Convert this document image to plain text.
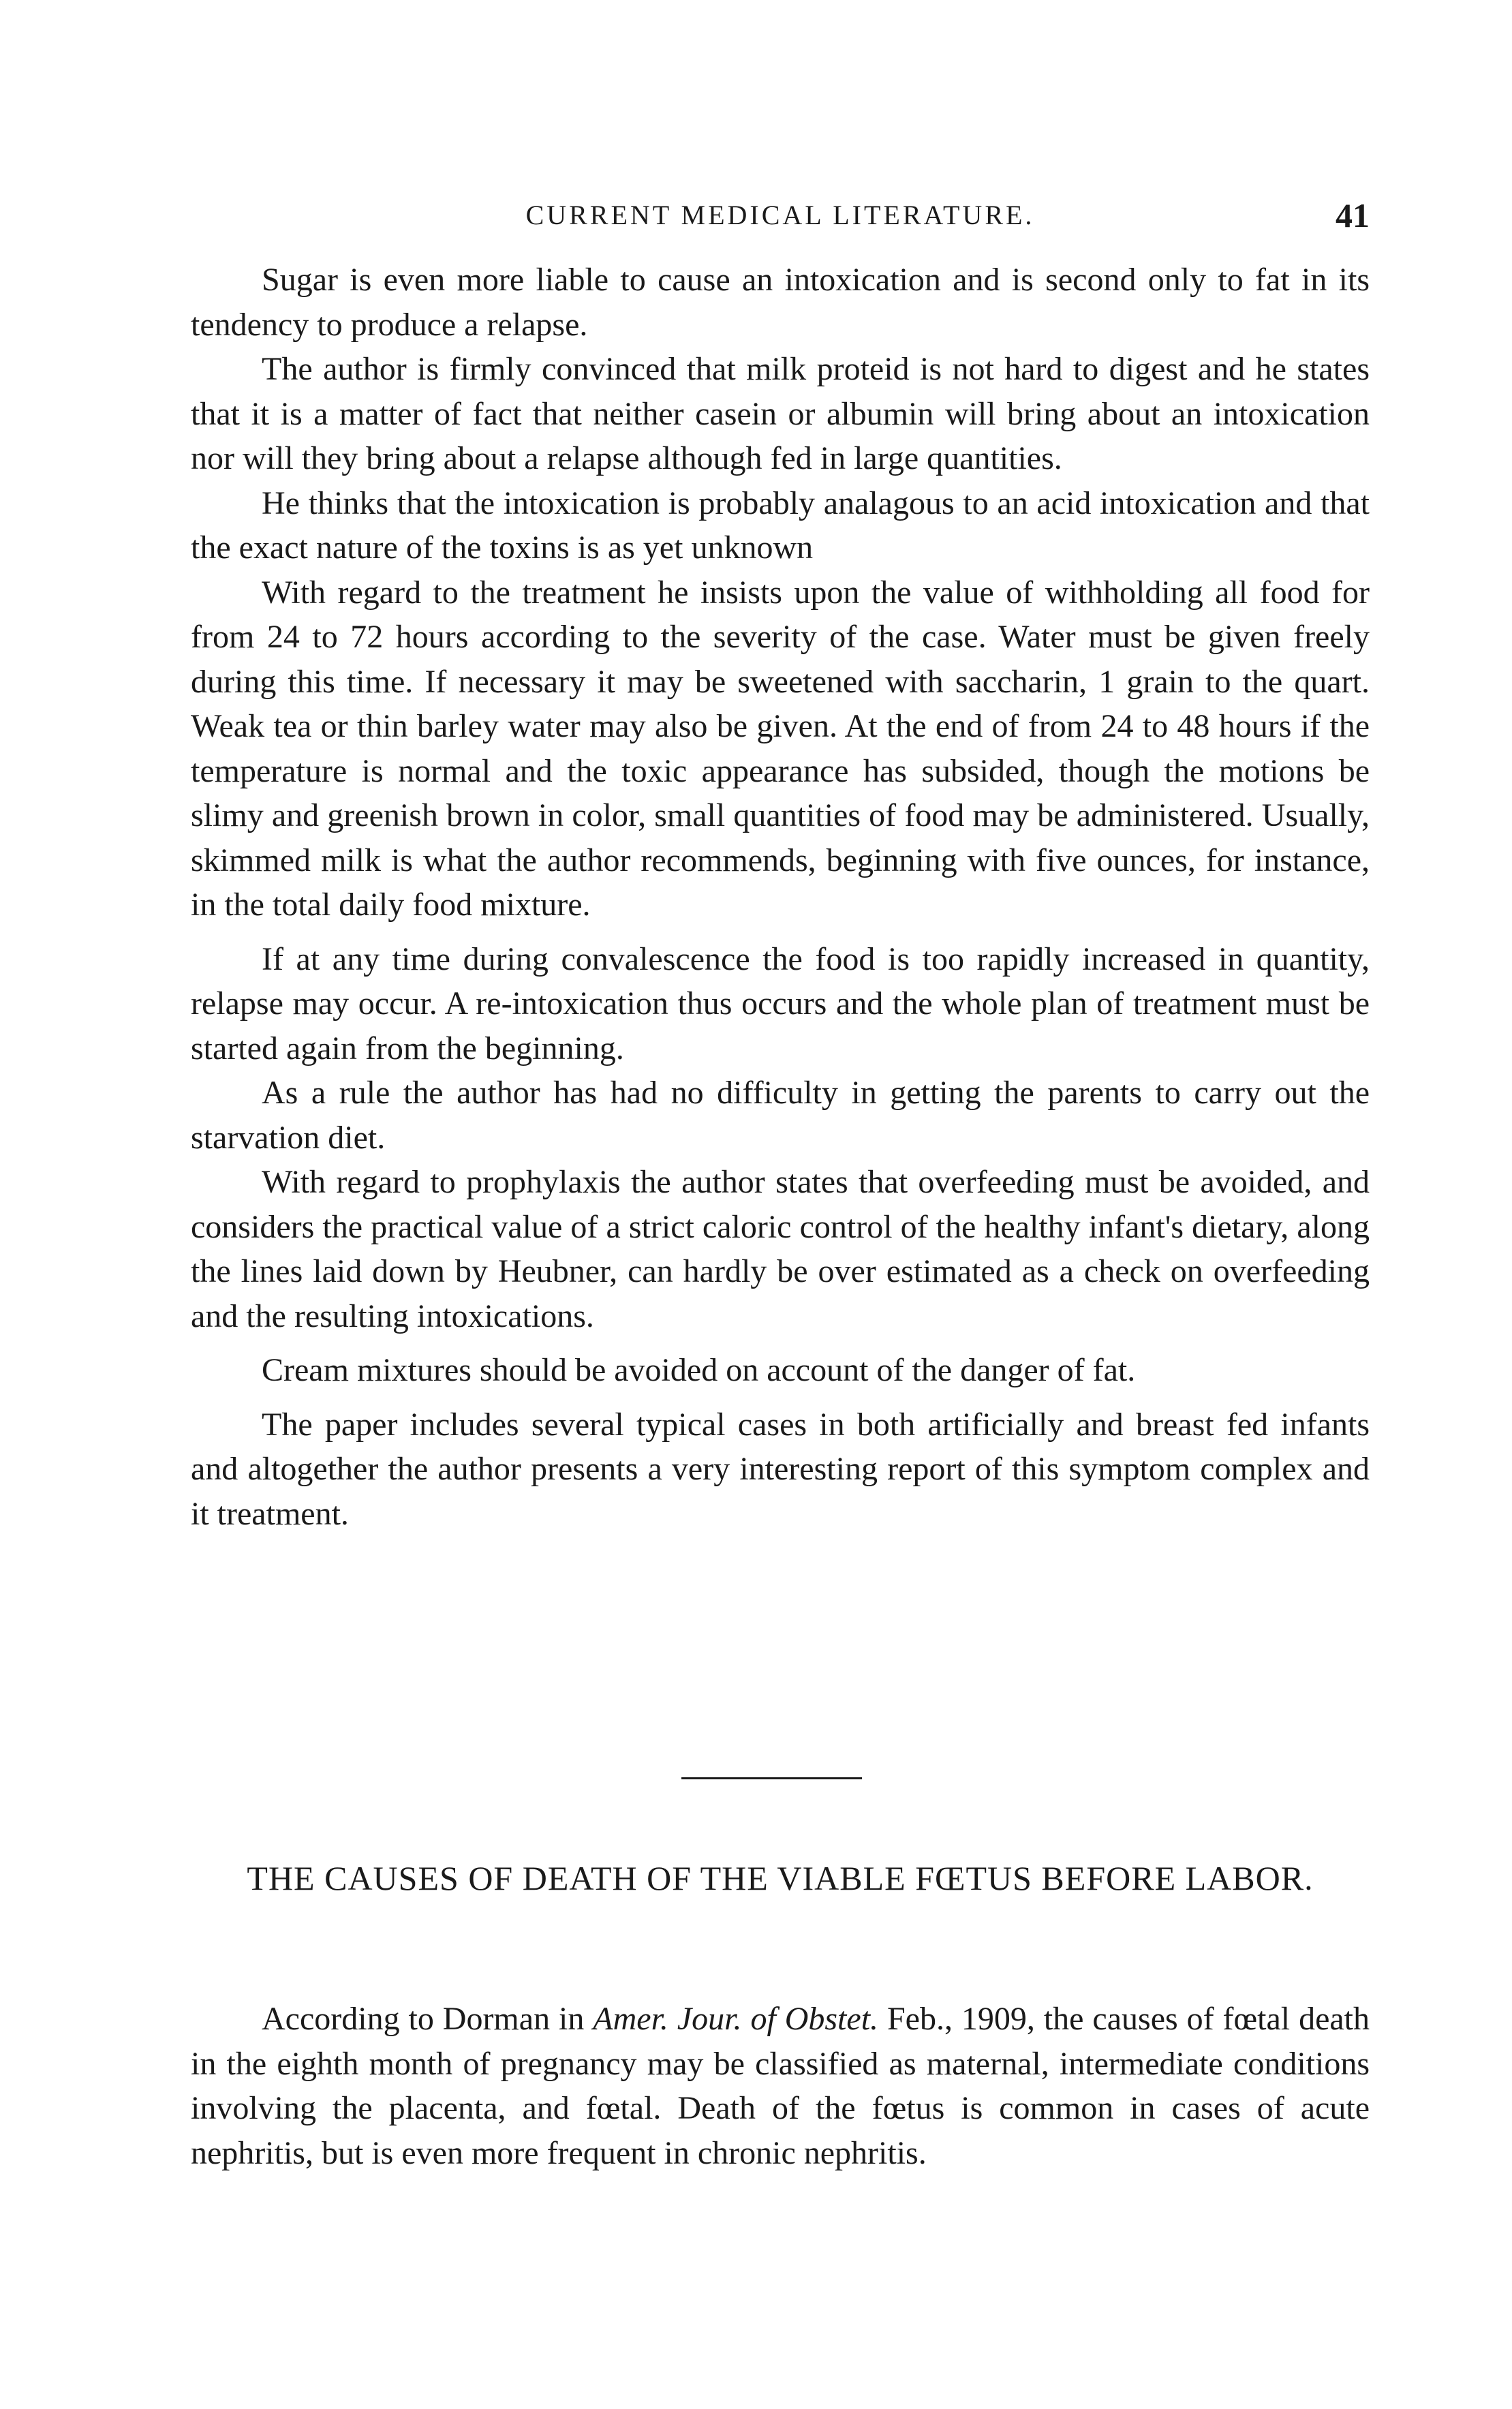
CURRENT MEDICAL LITERATURE.	41

Sugar is even more liable to cause an intoxication and is second only to fat in its tendency to produce a relapse.

The author is firmly convinced that milk proteid is not hard to digest and he states that it is a matter of fact that neither casein or albumin will bring about an intoxication nor will they bring about a relapse although fed in large quantities.

He thinks that the intoxication is probably analagous to an acid intoxication and that the exact nature of the toxins is as yet unknown

With regard to the treatment he insists upon the value of withholding all food for from 24 to 72 hours according to the severity of the case. Water must be given freely during this time. If necessary it may be sweetened with saccharin, 1 grain to the quart. Weak tea or thin barley water may also be given. At the end of from 24 to 48 hours if the temperature is normal and the toxic appearance has subsided, though the motions be slimy and greenish brown in color, small quantities of food may be administered. Usually, skimmed milk is what the author recommends, beginning with five ounces, for instance, in the total daily food mixture.

If at any time during convalescence the food is too rapidly increased in quantity, relapse may occur. A re-intoxication thus occurs and the whole plan of treatment must be started again from the beginning.

As a rule the author has had no difficulty in getting the parents to carry out the starvation diet.

With regard to prophylaxis the author states that overfeeding must be avoided, and considers the practical value of a strict caloric control of the healthy infant's dietary, along the lines laid down by Heubner, can hardly be over estimated as a check on overfeeding and the resulting intoxications.

Cream mixtures should be avoided on account of the danger of fat.

The paper includes several typical cases in both artificially and breast fed infants and altogether the author presents a very interesting report of this symptom complex and it treatment.

THE CAUSES OF DEATH OF THE VIABLE FŒTUS BEFORE LABOR.

According to Dorman in Amer. Jour. of Obstet. Feb., 1909, the causes of fœtal death in the eighth month of pregnancy may be classified as maternal, intermediate conditions involving the placenta, and fœtal. Death of the fœtus is common in cases of acute nephritis, but is even more frequent in chronic nephritis.
